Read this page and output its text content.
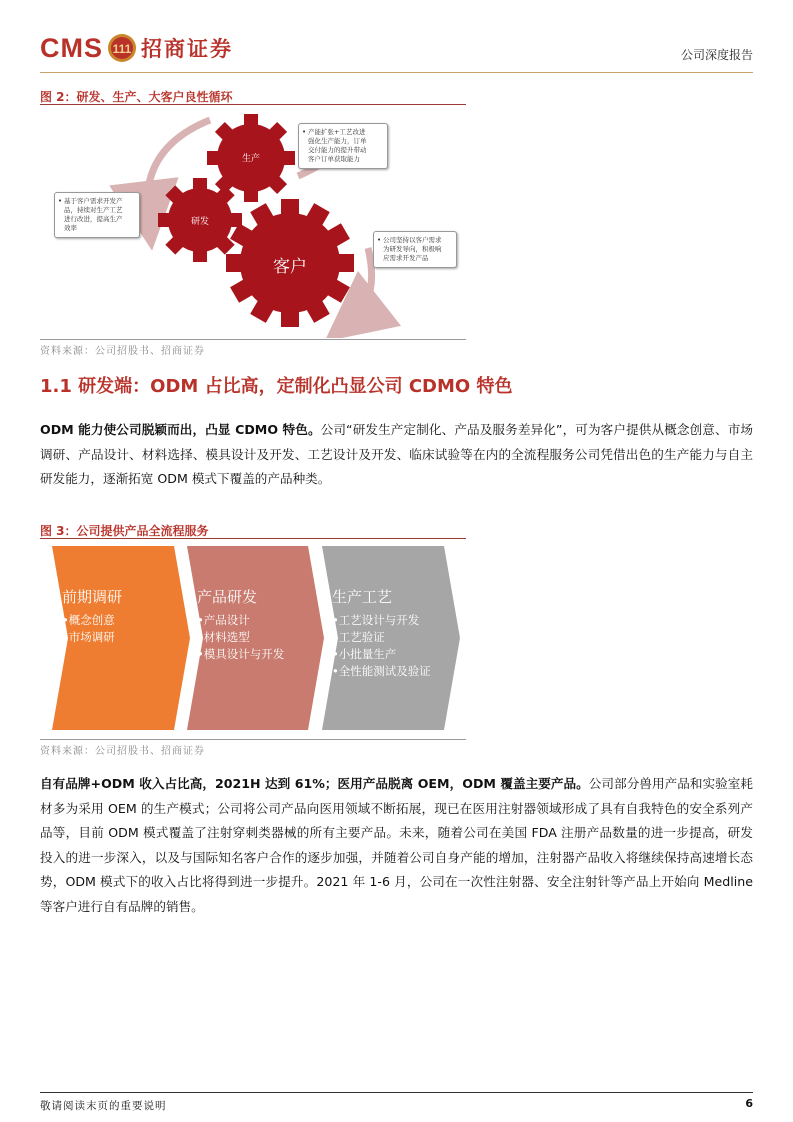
CMS 111 招商证券	公司深度报告
图 2：研发、生产、大客户良性循环
生产
研发
客户
• 产能扩张+工艺改进
强化生产能力，订单
交付能力的提升带动
客户订单获取能力
• 基于客户需求开发产
品，持续对生产工艺
进行改进，提高生产
效率
• 公司坚持以客户需求
为研发导向，积极响
应需求开发产品
资料来源：公司招股书、招商证券
1.1 研发端：ODM 占比高，定制化凸显公司 CDMO 特色
ODM 能力使公司脱颖而出，凸显 CDMO 特色。公司“研发生产定制化、产品及服务差异化”，可为客户提供从概念创意、市场调研、产品设计、材料选择、模具设计及开发、工艺设计及开发、临床试验等在内的全流程服务公司凭借出色的生产能力与自主研发能力，逐渐拓宽 ODM 模式下覆盖的产品种类。
图 3：公司提供产品全流程服务
前期调研
•概念创意
•市场调研
产品研发
•产品设计
•材料选型
•模具设计与开发
生产工艺
•工艺设计与开发
•工艺验证
•小批量生产
•全性能测试及验证
资料来源：公司招股书、招商证券
自有品牌+ODM 收入占比高，2021H 达到 61%；医用产品脱离 OEM，ODM 覆盖主要产品。公司部分兽用产品和实验室耗材多为采用 OEM 的生产模式；公司将公司产品向医用领域不断拓展，现已在医用注射器领域形成了具有自我特色的安全系列产品等，目前 ODM 模式覆盖了注射穿刺类器械的所有主要产品。未来，随着公司在美国 FDA 注册产品数量的进一步提高，研发投入的进一步深入，以及与国际知名客户合作的逐步加强，并随着公司自身产能的增加，注射器产品收入将继续保持高速增长态势，ODM 模式下的收入占比将得到进一步提升。2021 年 1-6 月，公司在一次性注射器、安全注射针等产品上开始向 Medline 等客户进行自有品牌的销售。
敬请阅读末页的重要说明	6
